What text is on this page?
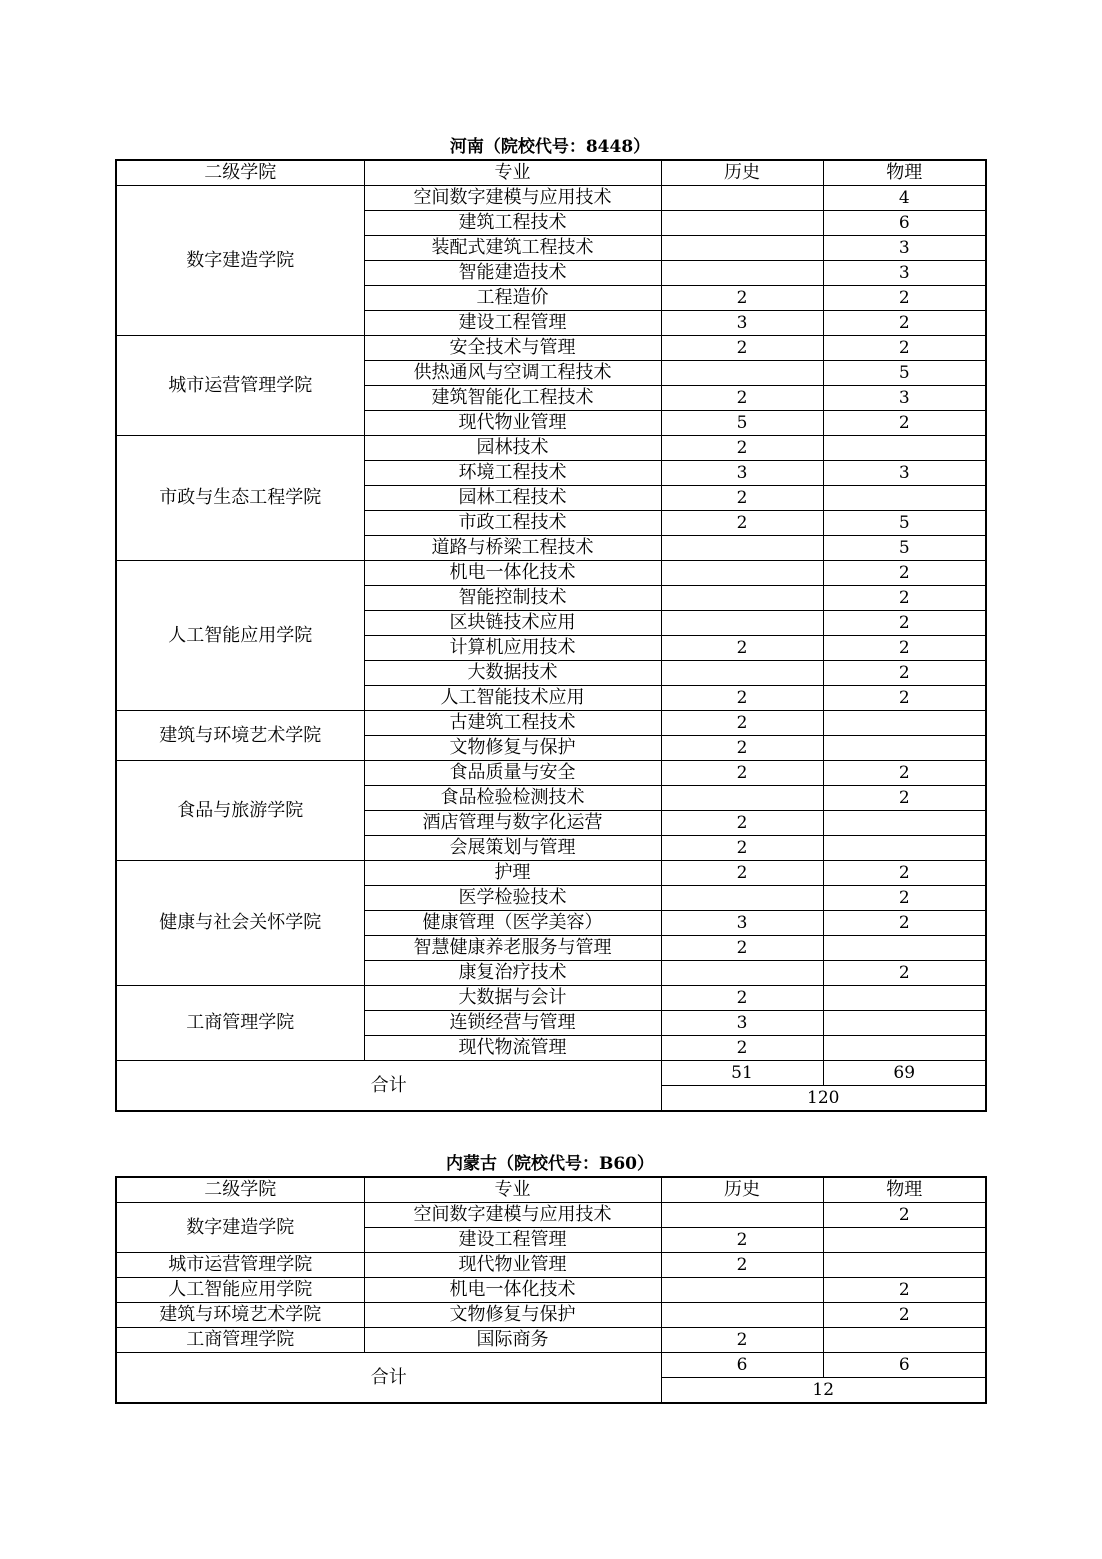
河南（院校代号：8448）
二级学院	专业	历史	物理
数字建造学院	空间数字建模与应用技术		4
	建筑工程技术		6
	装配式建筑工程技术		3
	智能建造技术		3
	工程造价	2	2
	建设工程管理	3	2
城市运营管理学院	安全技术与管理	2	2
	供热通风与空调工程技术		5
	建筑智能化工程技术	2	3
	现代物业管理	5	2
市政与生态工程学院	园林技术	2	
	环境工程技术	3	3
	园林工程技术	2	
	市政工程技术	2	5
	道路与桥梁工程技术		5
人工智能应用学院	机电一体化技术		2
	智能控制技术		2
	区块链技术应用		2
	计算机应用技术	2	2
	大数据技术		2
	人工智能技术应用	2	2
建筑与环境艺术学院	古建筑工程技术	2	
	文物修复与保护	2	
食品与旅游学院	食品质量与安全	2	2
	食品检验检测技术		2
	酒店管理与数字化运营	2	
	会展策划与管理	2	
健康与社会关怀学院	护理	2	2
	医学检验技术		2
	健康管理（医学美容）	3	2
	智慧健康养老服务与管理	2	
	康复治疗技术		2
工商管理学院	大数据与会计	2	
	连锁经营与管理	3	
	现代物流管理	2	
合计		51	69
		120	
内蒙古（院校代号：B60）
二级学院	专业	历史	物理
数字建造学院	空间数字建模与应用技术		2
	建设工程管理	2	
城市运营管理学院	现代物业管理	2	
人工智能应用学院	机电一体化技术		2
建筑与环境艺术学院	文物修复与保护		2
工商管理学院	国际商务	2	
合计		6	6
		12	
